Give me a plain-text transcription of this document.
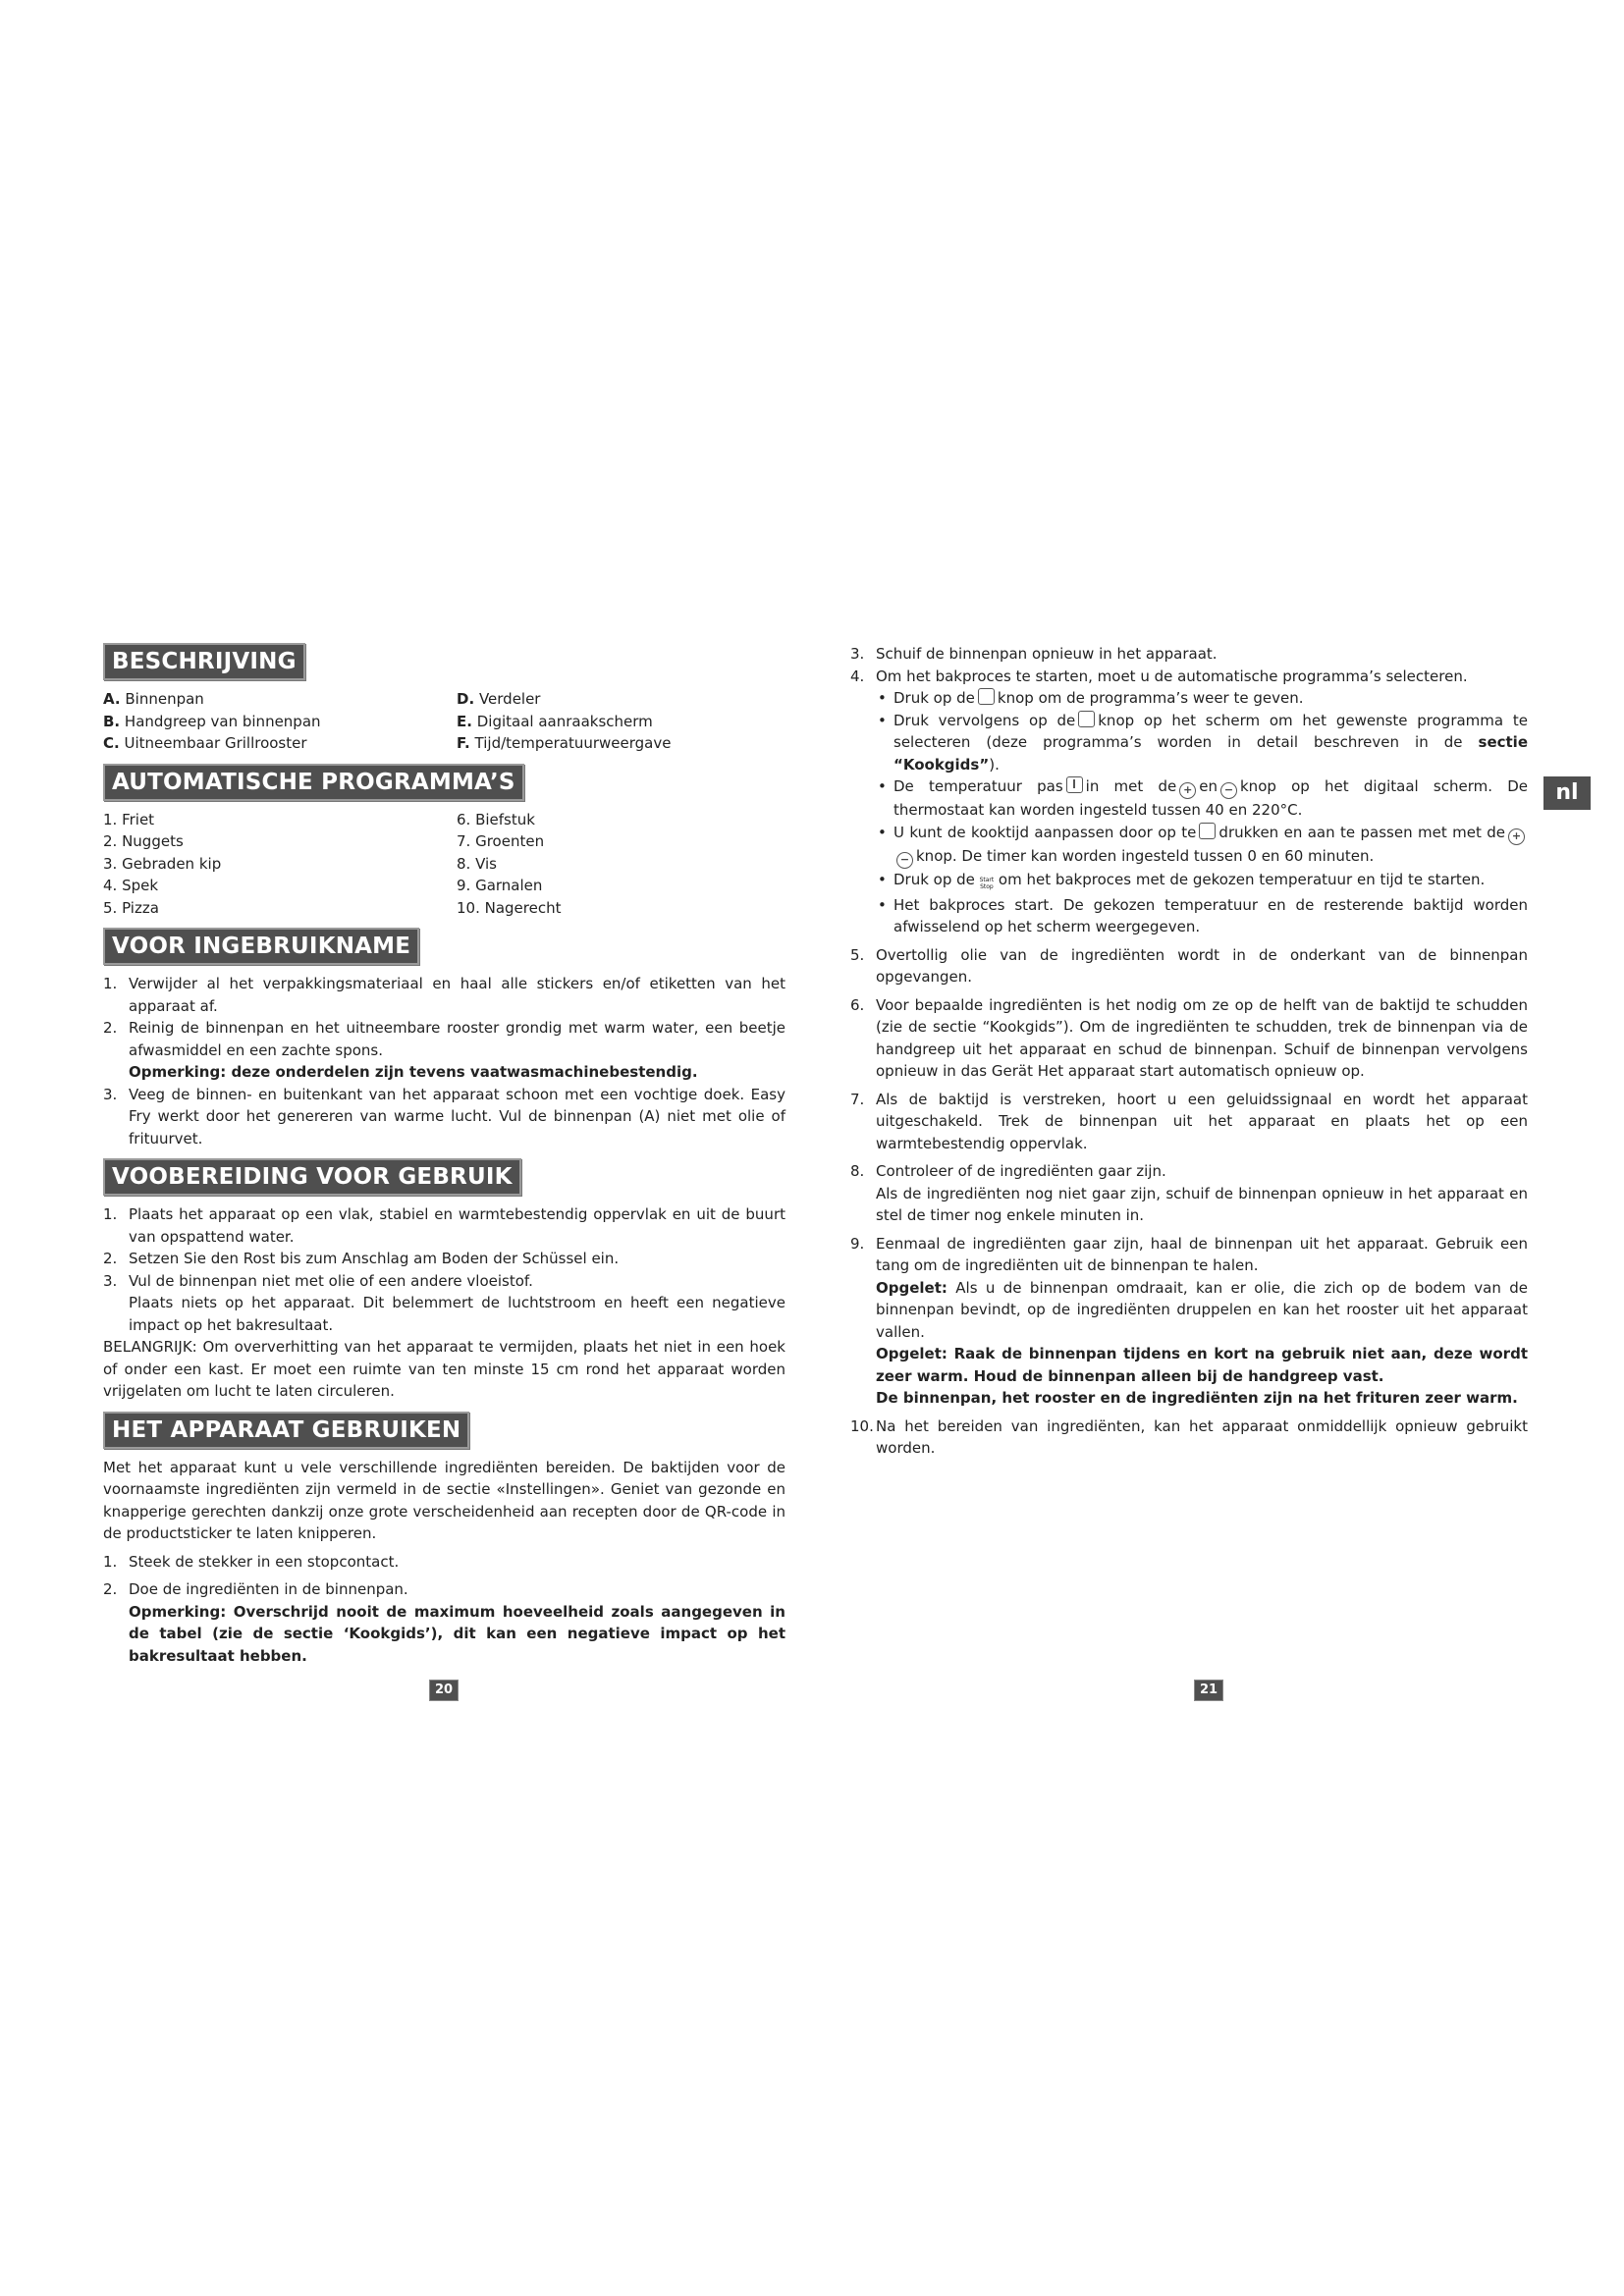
BESCHRIJVING
A. Binnenpan	D. Verdeler
B. Handgreep van binnenpan	E. Digitaal aanraakscherm
C. Uitneembaar Grillrooster	F. Tijd/temperatuurweergave
AUTOMATISCHE PROGRAMMA’S
1. Friet	6. Biefstuk
2. Nuggets	7. Groenten
3. Gebraden kip	8. Vis
4. Spek	9. Garnalen
5. Pizza	10. Nagerecht
VOOR INGEBRUIKNAME
1. Verwijder al het verpakkingsmateriaal en haal alle stickers en/of etiketten van het apparaat af.
2. Reinig de binnenpan en het uitneembare rooster grondig met warm water, een beetje afwasmiddel en een zachte spons.
Opmerking: deze onderdelen zijn tevens vaatwasmachinebestendig.
3. Veeg de binnen- en buitenkant van het apparaat schoon met een vochtige doek. Easy Fry werkt door het genereren van warme lucht. Vul de binnenpan (A) niet met olie of frituurvet.
VOOBEREIDING VOOR GEBRUIK
1. Plaats het apparaat op een vlak, stabiel en warmtebestendig oppervlak en uit de buurt van opspattend water.
2. Setzen Sie den Rost bis zum Anschlag am Boden der Schüssel ein.
3. Vul de binnenpan niet met olie of een andere vloeistof.
Plaats niets op het apparaat. Dit belemmert de luchtstroom en heeft een negatieve impact op het bakresultaat.

BELANGRIJK: Om oververhitting van het apparaat te vermijden, plaats het niet in een hoek of onder een kast. Er moet een ruimte van ten minste 15 cm rond het apparaat worden vrijgelaten om lucht te laten circuleren.

HET APPARAAT GEBRUIKEN

Met het apparaat kunt u vele verschillende ingrediënten bereiden. De baktijden voor de voornaamste ingrediënten zijn vermeld in de sectie «Instellingen». Geniet van gezonde en knapperige gerechten dankzij onze grote verscheidenheid aan recepten door de QR-code in de productsticker te laten knipperen.

1. Steek de stekker in een stopcontact.
2. Doe de ingrediënten in de binnenpan.
Opmerking: Overschrijd nooit de maximum hoeveelheid zoals aangegeven in de tabel (zie de sectie ‘Kookgids’), dit kan een negatieve impact op het bakresultaat hebben.
3. Schuif de binnenpan opnieuw in het apparaat.
4. Om het bakproces te starten, moet u de automatische programma’s selecteren.
• Druk op de knop om de programma’s weer te geven.
• Druk vervolgens op de knop op het scherm om het gewenste programma te selecteren (deze programma’s worden in detail beschreven in de sectie “Kookgids”).
• De temperatuur pas in met de + en − knop op het digitaal scherm. De thermostaat kan worden ingesteld tussen 40 en 220°C.
• U kunt de kooktijd aanpassen door op te drukken en aan te passen met met de +− knop. De timer kan worden ingesteld tussen 0 en 60 minuten.
• Druk op de Start
Stop om het bakproces met de gekozen temperatuur en tijd te starten.
• Het bakproces start. De gekozen temperatuur en de resterende baktijd worden afwisselend op het scherm weergegeven.
5. Overtollig olie van de ingrediënten wordt in de onderkant van de binnenpan opgevangen.
6. Voor bepaalde ingrediënten is het nodig om ze op de helft van de baktijd te schudden (zie de sectie “Kookgids”). Om de ingrediënten te schudden, trek de binnenpan via de handgreep uit het apparaat en schud de binnenpan. Schuif de binnenpan vervolgens opnieuw in das Gerät Het apparaat start automatisch opnieuw op.
7. Als de baktijd is verstreken, hoort u een geluidssignaal en wordt het apparaat uitgeschakeld. Trek de binnenpan uit het apparaat en plaats het op een warmtebestendig oppervlak.
8. Controleer of de ingrediënten gaar zijn.
Als de ingrediënten nog niet gaar zijn, schuif de binnenpan opnieuw in het apparaat en stel de timer nog enkele minuten in.
9. Eenmaal de ingrediënten gaar zijn, haal de binnenpan uit het apparaat. Gebruik een tang om de ingrediënten uit de binnenpan te halen.
Opgelet: Als u de binnenpan omdraait, kan er olie, die zich op de bodem van de binnenpan bevindt, op de ingrediënten druppelen en kan het rooster uit het apparaat vallen.
Opgelet: Raak de binnenpan tijdens en kort na gebruik niet aan, deze wordt zeer warm. Houd de binnenpan alleen bij de handgreep vast.
De binnenpan, het rooster en de ingrediënten zijn na het frituren zeer warm.
10. Na het bereiden van ingrediënten, kan het apparaat onmiddellijk opnieuw gebruikt worden.
nl
20	21
